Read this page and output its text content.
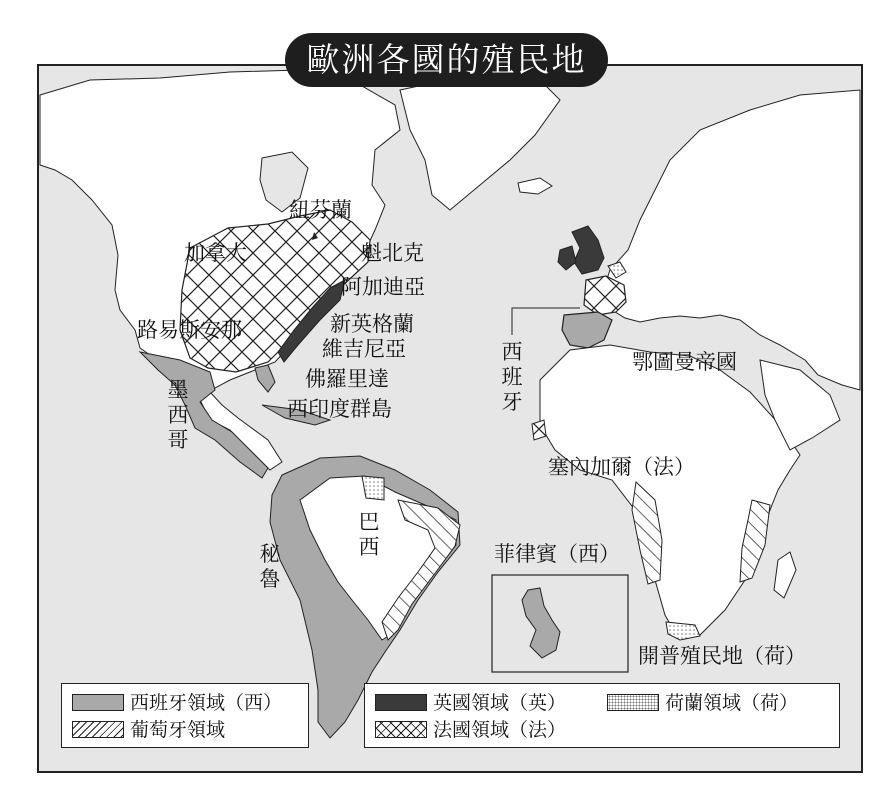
歐洲各國的殖民地
紐芬蘭
加拿大	魁北克
阿加迪亞
路易斯安那	新英格蘭
維吉尼亞
佛羅里達
西印度群島
墨西哥
秘魯
巴西
西班牙
鄂圖曼帝國
塞內加爾（法）
菲律賓（西）
開普殖民地（荷）
西班牙領域（西）
葡萄牙領域
英國領域（英）	荷蘭領域（荷）
法國領域（法）
